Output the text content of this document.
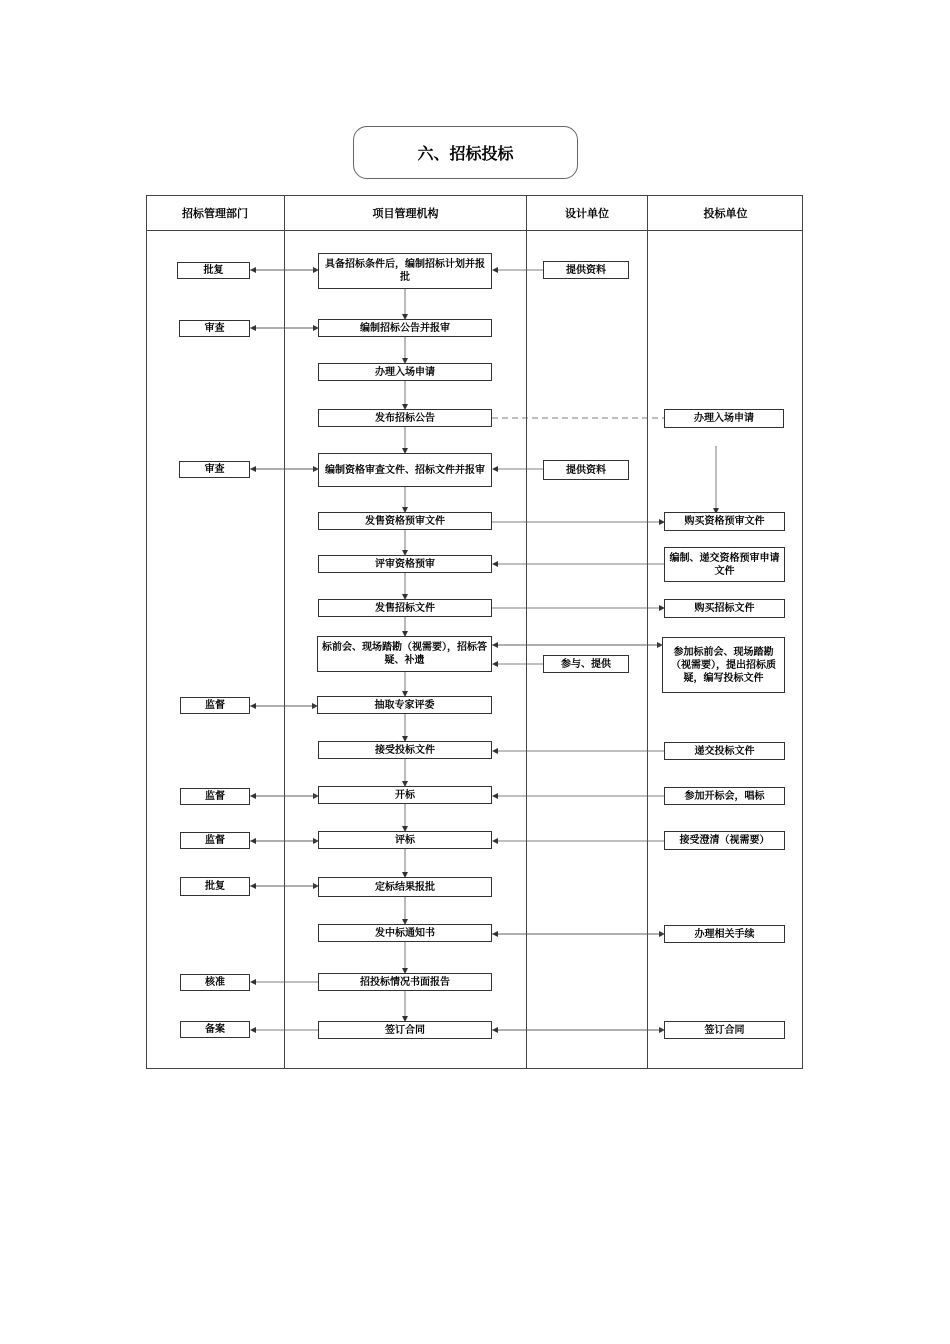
六、招标投标
招标管理部门	项目管理机构	设计单位	投标单位
批复
审查
审查
监督
监督
监督
批复
核准
备案
具备招标条件后，编制招标计划并报批
编制招标公告并报审
办理入场申请
发布招标公告
编制资格审查文件、招标文件并报审
发售资格预审文件
评审资格预审
发售招标文件
标前会、现场踏勘（视需要），招标答疑、补遗
抽取专家评委
接受投标文件
开标
评标
定标结果报批
发中标通知书
招投标情况书面报告
签订合同
提供资料
提供资料
参与、提供
办理入场申请
购买资格预审文件
编制、递交资格预审申请文件
购买招标文件
参加标前会、现场踏勘（视需要），提出招标质疑，编写投标文件
递交投标文件
参加开标会，唱标
接受澄清（视需要）
办理相关手续
签订合同
